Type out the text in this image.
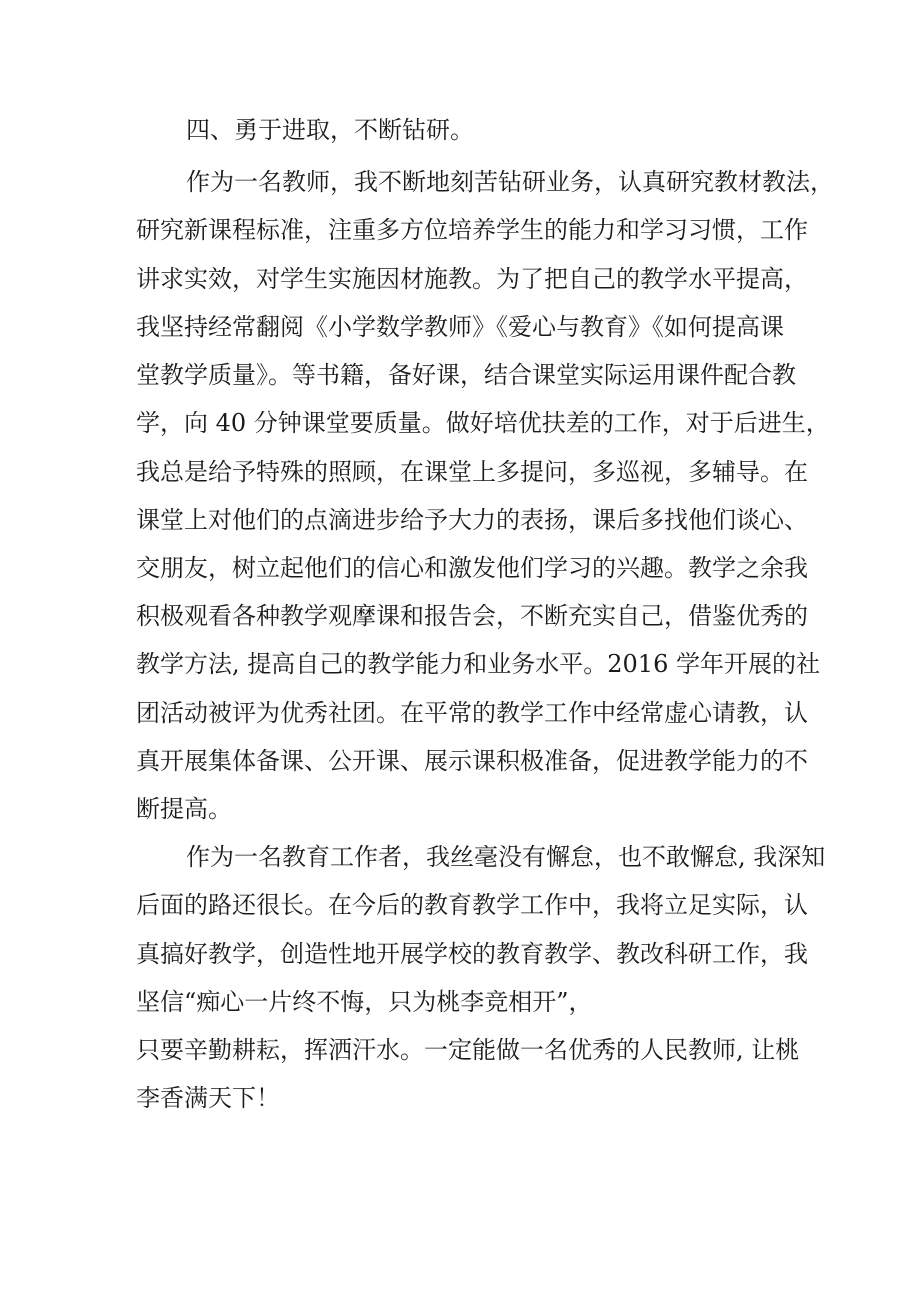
四、勇于进取，不断钻研。

作为一名教师，我不断地刻苦钻研业务，认真研究教材教法，

研究新课程标准，注重多方位培养学生的能力和学习习惯，工作

讲求实效，对学生实施因材施教。为了把自己的教学水平提高，

我坚持经常翻阅《小学数学教师》《爱心与教育》《如何提高课

堂教学质量》。等书籍，备好课，结合课堂实际运用课件配合教

学，向 40 分钟课堂要质量。做好培优扶差的工作，对于后进生，

我总是给予特殊的照顾，在课堂上多提问，多巡视，多辅导。在

课堂上对他们的点滴进步给予大力的表扬，课后多找他们谈心、

交朋友，树立起他们的信心和激发他们学习的兴趣。教学之余我

积极观看各种教学观摩课和报告会，不断充实自己，借鉴优秀的

教学方法, 提高自己的教学能力和业务水平。2016 学年开展的社

团活动被评为优秀社团。在平常的教学工作中经常虚心请教，认

真开展集体备课、公开课、展示课积极准备，促进教学能力的不

断提高。

作为一名教育工作者，我丝毫没有懈怠，也不敢懈怠, 我深知

后面的路还很长。在今后的教育教学工作中，我将立足实际，认

真搞好教学，创造性地开展学校的教育教学、教改科研工作，我

坚信“痴心一片终不悔，只为桃李竞相开”，

只要辛勤耕耘，挥洒汗水。一定能做一名优秀的人民教师, 让桃

李香满天下！
